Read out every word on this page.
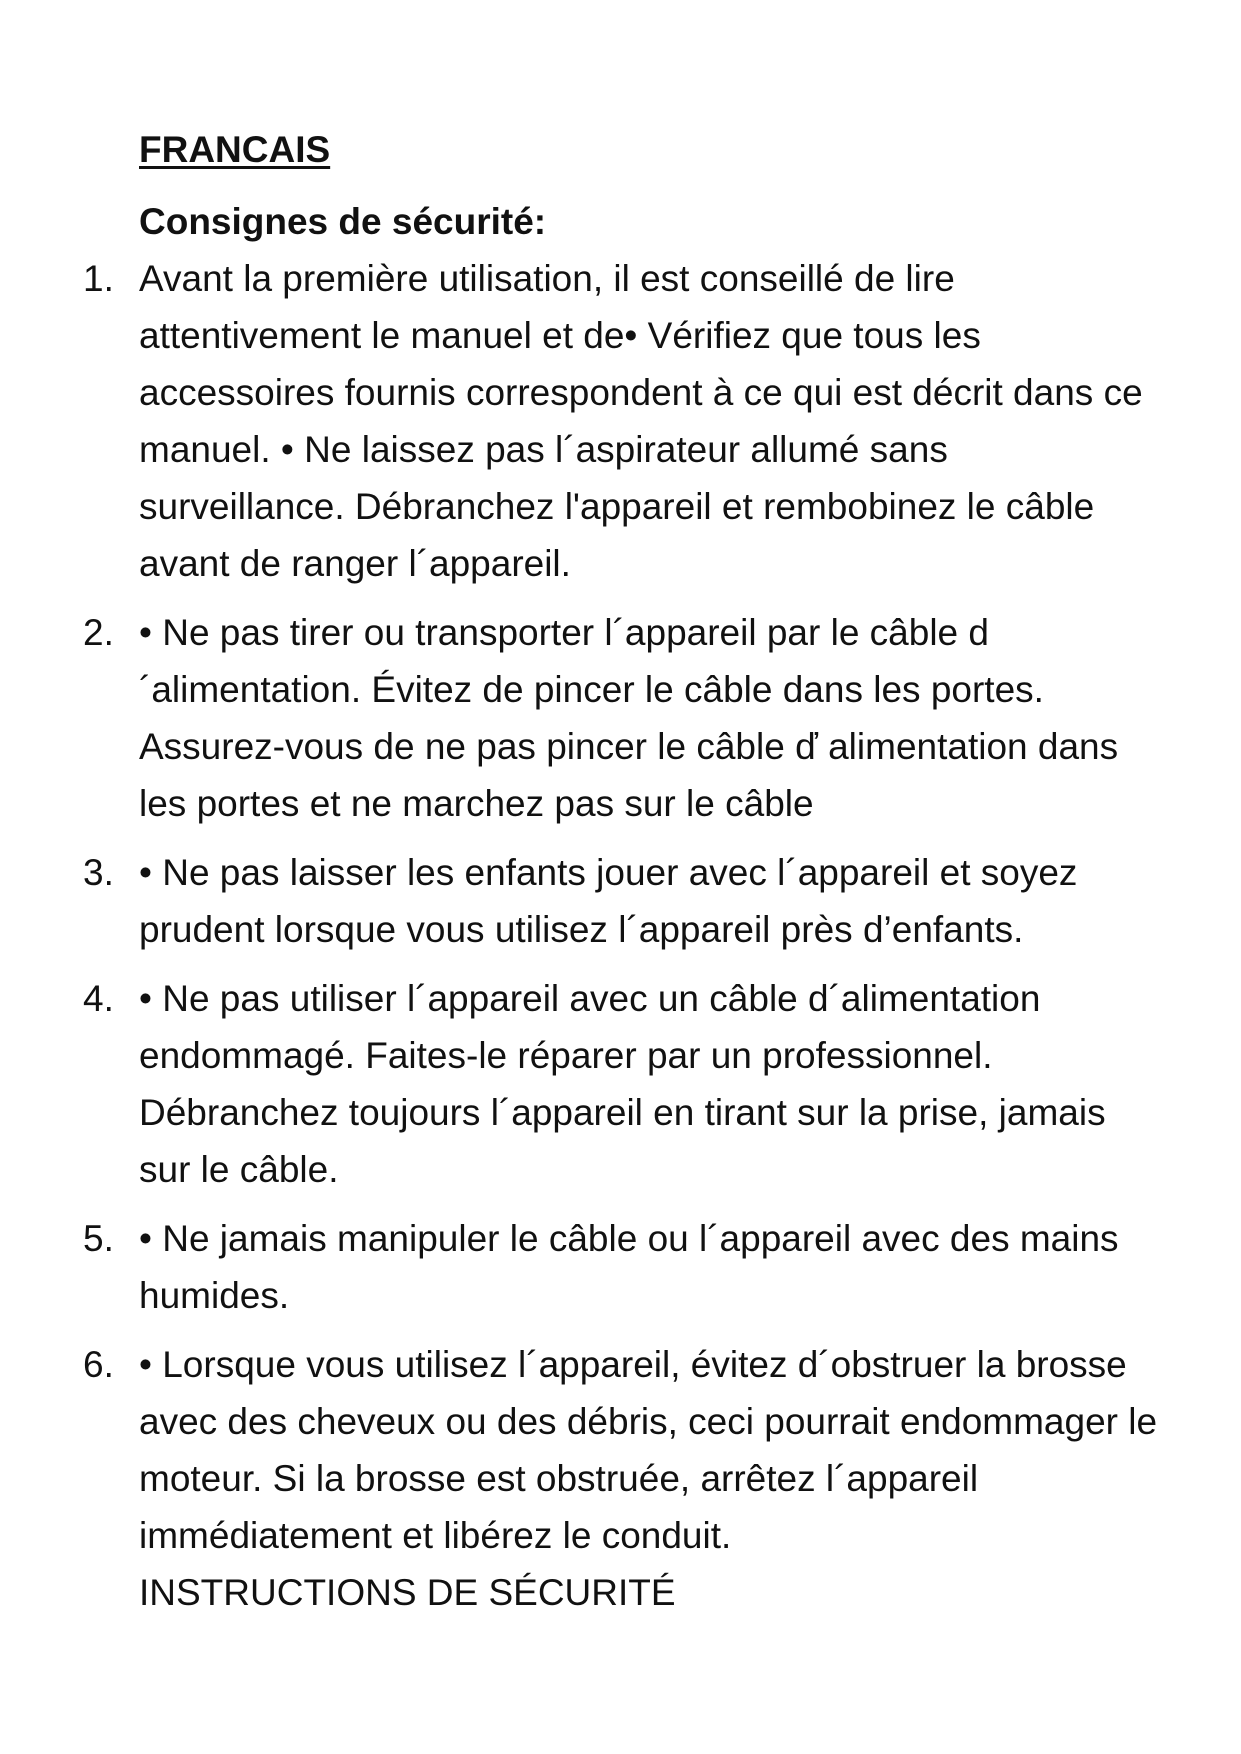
FRANCAIS
Consignes de sécurité:
1. Avant la première utilisation, il est conseillé de lire attentivement le manuel et de• Vérifiez que tous les accessoires fournis correspondent à ce qui est décrit dans ce manuel. • Ne laissez pas l´aspirateur allumé sans surveillance. Débranchez l'appareil et rembobinez le câble avant de ranger l´appareil.
2. • Ne pas tirer ou transporter l´appareil par le câble d´alimentation. Évitez de pincer le câble dans les portes. Assurez-vous de ne pas pincer le câble ď alimentation dans les portes et ne marchez pas sur le câble
3. • Ne pas laisser les enfants jouer avec l´appareil et soyez prudent lorsque vous utilisez l´appareil près d’enfants.
4. • Ne pas utiliser l´appareil avec un câble d´alimentation endommagé. Faites-le réparer par un professionnel. Débranchez toujours l´appareil en tirant sur la prise, jamais sur le câble.
5. • Ne jamais manipuler le câble ou l´appareil avec des mains humides.
6. • Lorsque vous utilisez l´appareil, évitez d´obstruer la brosse avec des cheveux ou des débris, ceci pourrait endommager le moteur. Si la brosse est obstruée, arrêtez l´appareil immédiatement et libérez le conduit.
INSTRUCTIONS DE SÉCURITÉ
